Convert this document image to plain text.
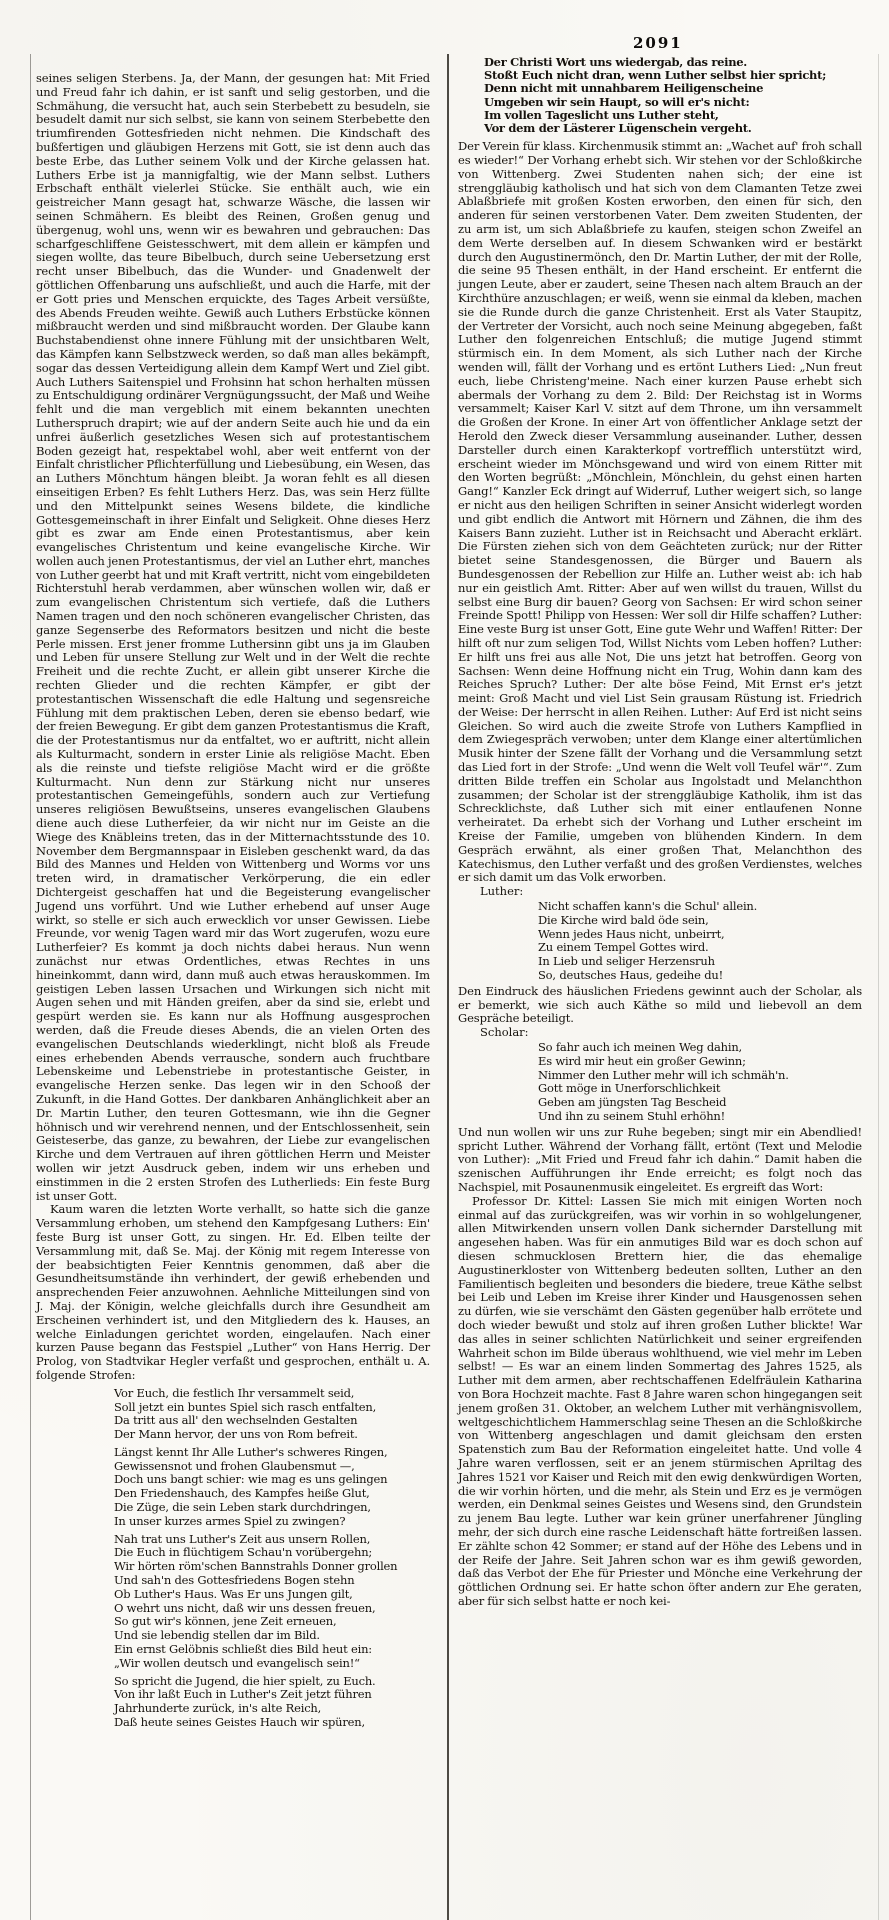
2091
seines seligen Sterbens. Ja, der Mann, der gesungen hat: Mit Fried und Freud fahr ich dahin, er ist sanft und selig gestorben, und die Schmähung, die versucht hat, auch sein Sterbebett zu besudeln, sie besudelt damit nur sich selbst, sie kann von seinem Sterbebette den triumfirenden Gottesfrieden nicht nehmen. Die Kindschaft des bußfertigen und gläubigen Herzens mit Gott, sie ist denn auch das beste Erbe, das Luther seinem Volk und der Kirche gelassen hat. Luthers Erbe ist ja mannigfaltig, wie der Mann selbst. Luthers Erbschaft enthält vielerlei Stücke. Sie enthält auch, wie ein geistreicher Mann gesagt hat, schwarze Wäsche, die lassen wir seinen Schmähern. Es bleibt des Reinen, Großen genug und übergenug, wohl uns, wenn wir es bewahren und gebrauchen: Das scharfgeschliffene Geistesschwert, mit dem allein er kämpfen und siegen wollte, das teure Bibelbuch, durch seine Uebersetzung erst recht unser Bibelbuch, das die Wunder- und Gnadenwelt der göttlichen Offenbarung uns aufschließt, und auch die Harfe, mit der er Gott pries und Menschen erquickte, des Tages Arbeit versüßte, des Abends Freuden weihte. Gewiß auch Luthers Erbstücke können mißbraucht werden und sind mißbraucht worden. Der Glaube kann Buchstabendienst ohne innere Fühlung mit der unsichtbaren Welt, das Kämpfen kann Selbstzweck werden, so daß man alles bekämpft, sogar das dessen Verteidigung allein dem Kampf Wert und Ziel gibt. Auch Luthers Saitenspiel und Frohsinn hat schon herhalten müssen zu Entschuldigung ordinärer Vergnügungssucht, der Maß und Weihe fehlt und die man vergeblich mit einem bekannten unechten Lutherspruch drapirt; wie auf der andern Seite auch hie und da ein unfrei äußerlich gesetzliches Wesen sich auf protestantischem Boden gezeigt hat, respektabel wohl, aber weit entfernt von der Einfalt christlicher Pflichterfüllung und Liebesübung, ein Wesen, das an Luthers Mönchtum hängen bleibt. Ja woran fehlt es all diesen einseitigen Erben? Es fehlt Luthers Herz. Das, was sein Herz füllte und den Mittelpunkt seines Wesens bildete, die kindliche Gottesgemeinschaft in ihrer Einfalt und Seligkeit. Ohne dieses Herz gibt es zwar am Ende einen Protestantismus, aber kein evangelisches Christentum und keine evangelische Kirche. Wir wollen auch jenen Protestantismus, der viel an Luther ehrt, manches von Luther geerbt hat und mit Kraft vertritt, nicht vom eingebildeten Richterstuhl herab verdammen, aber wünschen wollen wir, daß er zum evangelischen Christentum sich vertiefe, daß die Luthers Namen tragen und den noch schöneren evangelischer Christen, das ganze Segenserbe des Reformators besitzen und nicht die beste Perle missen. Erst jener fromme Luthersinn gibt uns ja im Glauben und Leben für unsere Stellung zur Welt und in der Welt die rechte Freiheit und die rechte Zucht, er allein gibt unserer Kirche die rechten Glieder und die rechten Kämpfer, er gibt der protestantischen Wissenschaft die edle Haltung und segensreiche Fühlung mit dem praktischen Leben, deren sie ebenso bedarf, wie der freien Bewegung. Er gibt dem ganzen Protestantismus die Kraft, die der Protestantismus nur da entfaltet, wo er auftritt, nicht allein als Kulturmacht, sondern in erster Linie als religiöse Macht. Eben als die reinste und tiefste religiöse Macht wird er die größte Kulturmacht. Nun denn zur Stärkung nicht nur unseres protestantischen Gemeingefühls, sondern auch zur Vertiefung unseres religiösen Bewußtseins, unseres evangelischen Glaubens diene auch diese Lutherfeier, da wir nicht nur im Geiste an die Wiege des Knäbleins treten, das in der Mitternachtsstunde des 10. November dem Bergmannspaar in Eisleben geschenkt ward, da das Bild des Mannes und Helden von Wittenberg und Worms vor uns treten wird, in dramatischer Verkörperung, die ein edler Dichtergeist geschaffen hat und die Begeisterung evangelischer Jugend uns vorführt. Und wie Luther erhebend auf unser Auge wirkt, so stelle er sich auch erwecklich vor unser Gewissen. Liebe Freunde, vor wenig Tagen ward mir das Wort zugerufen, wozu eure Lutherfeier? Es kommt ja doch nichts dabei heraus. Nun wenn zunächst nur etwas Ordentliches, etwas Rechtes in uns hineinkommt, dann wird, dann muß auch etwas herauskommen. Im geistigen Leben lassen Ursachen und Wirkungen sich nicht mit Augen sehen und mit Händen greifen, aber da sind sie, erlebt und gespürt werden sie. Es kann nur als Hoffnung ausgesprochen werden, daß die Freude dieses Abends, die an vielen Orten des evangelischen Deutschlands wiederklingt, nicht bloß als Freude eines erhebenden Abends verrausche, sondern auch fruchtbare Lebenskeime und Lebenstriebe in protestantische Geister, in evangelische Herzen senke. Das legen wir in den Schooß der Zukunft, in die Hand Gottes. Der dankbaren Anhänglichkeit aber an Dr. Martin Luther, den teuren Gottesmann, wie ihn die Gegner höhnisch und wir verehrend nennen, und der Entschlossenheit, sein Geisteserbe, das ganze, zu bewahren, der Liebe zur evangelischen Kirche und dem Vertrauen auf ihren göttlichen Herrn und Meister wollen wir jetzt Ausdruck geben, indem wir uns erheben und einstimmen in die 2 ersten Strofen des Lutherlieds: Ein feste Burg ist unser Gott.
Kaum waren die letzten Worte verhallt, so hatte sich die ganze Versammlung erhoben, um stehend den Kampfgesang Luthers: Ein' feste Burg ist unser Gott, zu singen. Hr. Ed. Elben teilte der Versammlung mit, daß Se. Maj. der König mit regem Interesse von der beabsichtigten Feier Kenntnis genommen, daß aber die Gesundheitsumstände ihn verhindert, der gewiß erhebenden und ansprechenden Feier anzuwohnen. Aehnliche Mitteilungen sind von J. Maj. der Königin, welche gleichfalls durch ihre Gesundheit am Erscheinen verhindert ist, und den Mitgliedern des k. Hauses, an welche Einladungen gerichtet worden, eingelaufen. Nach einer kurzen Pause begann das Festspiel „Luther“ von Hans Herrig. Der Prolog, von Stadtvikar Hegler verfaßt und gesprochen, enthält u. A. folgende Strofen:
Vor Euch, die festlich Ihr versammelt seid,
Soll jetzt ein buntes Spiel sich rasch entfalten,
Da tritt aus all' den wechselnden Gestalten
Der Mann hervor, der uns von Rom befreit.
Längst kennt Ihr Alle Luther's schweres Ringen,
Gewissensnot und frohen Glaubensmut —,
Doch uns bangt schier: wie mag es uns gelingen
Den Friedenshauch, des Kampfes heiße Glut,
Die Züge, die sein Leben stark durchdringen,
In unser kurzes armes Spiel zu zwingen?
Nah trat uns Luther's Zeit aus unsern Rollen,
Die Euch in flüchtigem Schau'n vorübergehn;
Wir hörten röm'schen Bannstrahls Donner grollen
Und sah'n des Gottesfriedens Bogen stehn
Ob Luther's Haus. Was Er uns Jungen gilt,
O wehrt uns nicht, daß wir uns dessen freuen,
So gut wir's können, jene Zeit erneuen,
Und sie lebendig stellen dar im Bild.
Ein ernst Gelöbnis schließt dies Bild heut ein:
„Wir wollen deutsch und evangelisch sein!“
So spricht die Jugend, die hier spielt, zu Euch.
Von ihr laßt Euch in Luther's Zeit jetzt führen
Jahrhunderte zurück, in's alte Reich,
Daß heute seines Geistes Hauch wir spüren,
Der Christi Wort uns wiedergab, das reine.
Stoßt Euch nicht dran, wenn Luther selbst hier spricht;
Denn nicht mit unnahbarem Heiligenscheine
Umgeben wir sein Haupt, so will er's nicht:
Im vollen Tageslicht uns Luther steht,
Vor dem der Lästerer Lügenschein vergeht.
Der Verein für klass. Kirchenmusik stimmt an: „Wachet auf' froh schall es wieder!“ Der Vorhang erhebt sich. Wir stehen vor der Schloßkirche von Wittenberg. Zwei Studenten nahen sich; der eine ist strenggläubig katholisch und hat sich von dem Clamanten Tetze zwei Ablaßbriefe mit großen Kosten erworben, den einen für sich, den anderen für seinen verstorbenen Vater. Dem zweiten Studenten, der zu arm ist, um sich Ablaßbriefe zu kaufen, steigen schon Zweifel an dem Werte derselben auf. In diesem Schwanken wird er bestärkt durch den Augustinermönch, den Dr. Martin Luther, der mit der Rolle, die seine 95 Thesen enthält, in der Hand erscheint. Er entfernt die jungen Leute, aber er zaudert, seine Thesen nach altem Brauch an der Kirchthüre anzuschlagen; er weiß, wenn sie einmal da kleben, machen sie die Runde durch die ganze Christenheit. Erst als Vater Staupitz, der Vertreter der Vorsicht, auch noch seine Meinung abgegeben, faßt Luther den folgenreichen Entschluß; die mutige Jugend stimmt stürmisch ein. In dem Moment, als sich Luther nach der Kirche wenden will, fällt der Vorhang und es ertönt Luthers Lied: „Nun freut euch, liebe Christeng'meine. Nach einer kurzen Pause erhebt sich abermals der Vorhang zu dem 2. Bild: Der Reichstag ist in Worms versammelt; Kaiser Karl V. sitzt auf dem Throne, um ihn versammelt die Großen der Krone. In einer Art von öffentlicher Anklage setzt der Herold den Zweck dieser Versammlung auseinander. Luther, dessen Darsteller durch einen Karakterkopf vortrefflich unterstützt wird, erscheint wieder im Mönchsgewand und wird von einem Ritter mit den Worten begrüßt: „Mönchlein, Mönchlein, du gehst einen harten Gang!“ Kanzler Eck dringt auf Widerruf, Luther weigert sich, so lange er nicht aus den heiligen Schriften in seiner Ansicht widerlegt worden und gibt endlich die Antwort mit Hörnern und Zähnen, die ihm des Kaisers Bann zuzieht. Luther ist in Reichsacht und Aberacht erklärt. Die Fürsten ziehen sich von dem Geächteten zurück; nur der Ritter bietet seine Standesgenossen, die Bürger und Bauern als Bundesgenossen der Rebellion zur Hilfe an. Luther weist ab: ich hab nur ein geistlich Amt. Ritter: Aber auf wen willst du trauen, Willst du selbst eine Burg dir bauen? Georg von Sachsen: Er wird schon seiner Freinde Spott! Philipp von Hessen: Wer soll dir Hilfe schaffen? Luther: Eine veste Burg ist unser Gott, Eine gute Wehr und Waffen! Ritter: Der hilft oft nur zum seligen Tod, Willst Nichts vom Leben hoffen? Luther: Er hilft uns frei aus alle Not, Die uns jetzt hat betroffen. Georg von Sachsen: Wenn deine Hoffnung nicht ein Trug, Wohin dann kam des Reiches Spruch? Luther: Der alte böse Feind, Mit Ernst er's jetzt meint: Groß Macht und viel List Sein grausam Rüstung ist. Friedrich der Weise: Der herrscht in allen Reihen. Luther: Auf Erd ist nicht seins Gleichen. So wird auch die zweite Strofe von Luthers Kampflied in dem Zwiegespräch verwoben; unter dem Klange einer altertümlichen Musik hinter der Szene fällt der Vorhang und die Versammlung setzt das Lied fort in der Strofe: „Und wenn die Welt voll Teufel wär'“. Zum dritten Bilde treffen ein Scholar aus Ingolstadt und Melanchthon zusammen; der Scholar ist der strenggläubige Katholik, ihm ist das Schrecklichste, daß Luther sich mit einer entlaufenen Nonne verheiratet. Da erhebt sich der Vorhang und Luther erscheint im Kreise der Familie, umgeben von blühenden Kindern. In dem Gespräch erwähnt, als einer großen That, Melanchthon des Katechismus, den Luther verfaßt und des großen Verdienstes, welches er sich damit um das Volk erworben.
Luther:
Nicht schaffen kann's die Schul' allein.
Die Kirche wird bald öde sein,
Wenn jedes Haus nicht, unbeirrt,
Zu einem Tempel Gottes wird.
In Lieb und seliger Herzensruh
So, deutsches Haus, gedeihe du!
Den Eindruck des häuslichen Friedens gewinnt auch der Scholar, als er bemerkt, wie sich auch Käthe so mild und liebevoll an dem Gespräche beteiligt.
Scholar:
So fahr auch ich meinen Weg dahin,
Es wird mir heut ein großer Gewinn;
Nimmer den Luther mehr will ich schmäh'n.
Gott möge in Unerforschlichkeit
Geben am jüngsten Tag Bescheid
Und ihn zu seinem Stuhl erhöhn!
Und nun wollen wir uns zur Ruhe begeben; singt mir ein Abendlied! spricht Luther. Während der Vorhang fällt, ertönt (Text und Melodie von Luther): „Mit Fried und Freud fahr ich dahin.“ Damit haben die szenischen Aufführungen ihr Ende erreicht; es folgt noch das Nachspiel, mit Posaunenmusik eingeleitet. Es ergreift das Wort:
Professor Dr. Kittel: Lassen Sie mich mit einigen Worten noch einmal auf das zurückgreifen, was wir vorhin in so wohlgelungener, allen Mitwirkenden unsern vollen Dank sichernder Darstellung mit angesehen haben. Was für ein anmutiges Bild war es doch schon auf diesen schmucklosen Brettern hier, die das ehemalige Augustinerkloster von Wittenberg bedeuten sollten, Luther an den Familientisch begleiten und besonders die biedere, treue Käthe selbst bei Leib und Leben im Kreise ihrer Kinder und Hausgenossen sehen zu dürfen, wie sie verschämt den Gästen gegenüber halb errötete und doch wieder bewußt und stolz auf ihren großen Luther blickte! War das alles in seiner schlichten Natürlichkeit und seiner ergreifenden Wahrheit schon im Bilde überaus wohlthuend, wie viel mehr im Leben selbst! — Es war an einem linden Sommertag des Jahres 1525, als Luther mit dem armen, aber rechtschaffenen Edelfräulein Katharina von Bora Hochzeit machte. Fast 8 Jahre waren schon hingegangen seit jenem großen 31. Oktober, an welchem Luther mit verhängnisvollem, weltgeschichtlichem Hammerschlag seine Thesen an die Schloßkirche von Wittenberg angeschlagen und damit gleichsam den ersten Spatenstich zum Bau der Reformation eingeleitet hatte. Und volle 4 Jahre waren verflossen, seit er an jenem stürmischen Apriltag des Jahres 1521 vor Kaiser und Reich mit den ewig denkwürdigen Worten, die wir vorhin hörten, und die mehr, als Stein und Erz es je vermögen werden, ein Denkmal seines Geistes und Wesens sind, den Grundstein zu jenem Bau legte. Luther war kein grüner unerfahrener Jüngling mehr, der sich durch eine rasche Leidenschaft hätte fortreißen lassen. Er zählte schon 42 Sommer; er stand auf der Höhe des Lebens und in der Reife der Jahre. Seit Jahren schon war es ihm gewiß geworden, daß das Verbot der Ehe für Priester und Mönche eine Verkehrung der göttlichen Ordnung sei. Er hatte schon öfter andern zur Ehe geraten, aber für sich selbst hatte er noch kei-
